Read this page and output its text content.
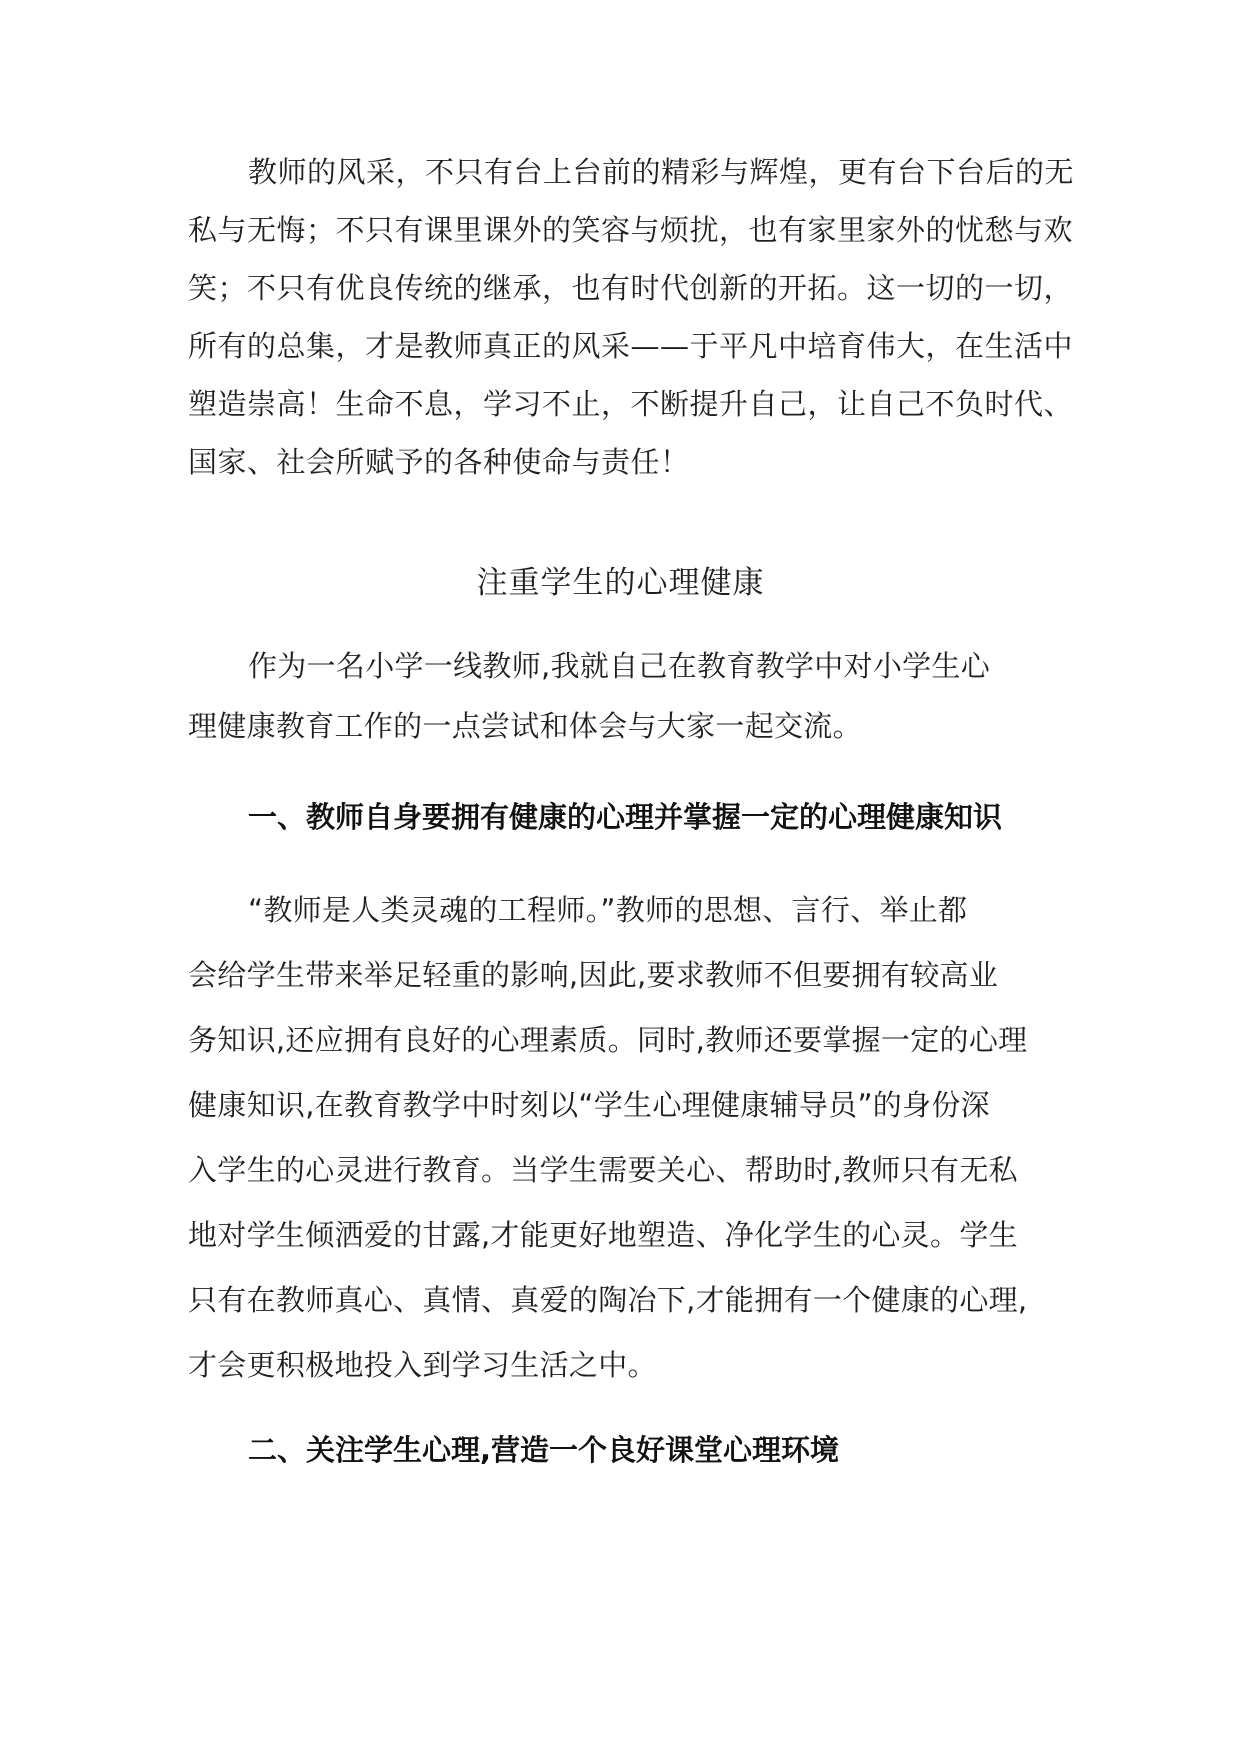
教师的风采，不只有台上台前的精彩与辉煌，更有台下台后的无
私与无悔；不只有课里课外的笑容与烦扰，也有家里家外的忧愁与欢
笑；不只有优良传统的继承，也有时代创新的开拓。这一切的一切，
所有的总集，才是教师真正的风采——于平凡中培育伟大，在生活中
塑造崇高！生命不息，学习不止，不断提升自己，让自己不负时代、
国家、社会所赋予的各种使命与责任！
注重学生的心理健康
作为一名小学一线教师,我就自己在教育教学中对小学生心
理健康教育工作的一点尝试和体会与大家一起交流。
一、教师自身要拥有健康的心理并掌握一定的心理健康知识
“教师是人类灵魂的工程师。”教师的思想、言行、举止都
会给学生带来举足轻重的影响,因此,要求教师不但要拥有较高业
务知识,还应拥有良好的心理素质。同时,教师还要掌握一定的心理
健康知识,在教育教学中时刻以“学生心理健康辅导员”的身份深
入学生的心灵进行教育。当学生需要关心、帮助时,教师只有无私
地对学生倾洒爱的甘露,才能更好地塑造、净化学生的心灵。学生
只有在教师真心、真情、真爱的陶冶下,才能拥有一个健康的心理,
才会更积极地投入到学习生活之中。
二、关注学生心理,营造一个良好课堂心理环境
